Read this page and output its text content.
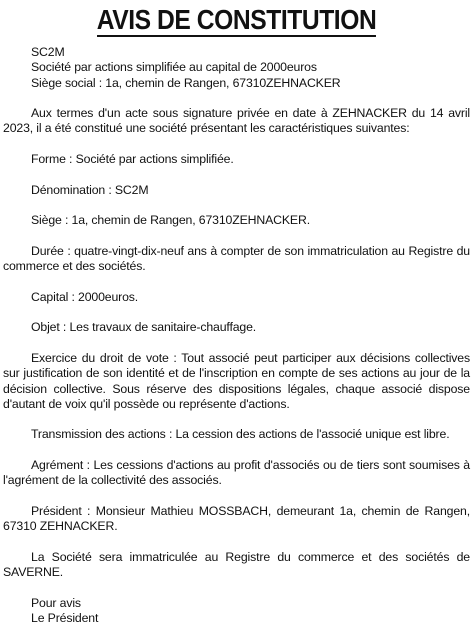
AVIS DE CONSTITUTION
SC2M
Société par actions simplifiée au capital de 2000euros
Siège social : 1a, chemin de Rangen, 67310ZEHNACKER

Aux termes d'un acte sous signature privée en date à ZEHNACKER du 14 avril 2023, il a été constitué une société présentant les caractéristiques suivantes:

Forme : Société par actions simplifiée.

Dénomination : SC2M

Siège : 1a, chemin de Rangen, 67310ZEHNACKER.

Durée : quatre-vingt-dix-neuf ans à compter de son immatriculation au Registre du commerce et des sociétés.

Capital : 2000euros.

Objet : Les travaux de sanitaire-chauffage.

Exercice du droit de vote : Tout associé peut participer aux décisions collectives sur justification de son identité et de l'inscription en compte de ses actions au jour de la décision collective. Sous réserve des dispositions légales, chaque associé dispose d'autant de voix qu'il possède ou représente d'actions.

Transmission des actions : La cession des actions de l'associé unique est libre.

Agrément : Les cessions d'actions au profit d'associés ou de tiers sont soumises à l'agrément de la collectivité des associés.

Président : Monsieur Mathieu MOSSBACH, demeurant 1a, chemin de Rangen, 67310 ZEHNACKER.

La Société sera immatriculée au Registre du commerce et des sociétés de SAVERNE.

Pour avis
Le Président
